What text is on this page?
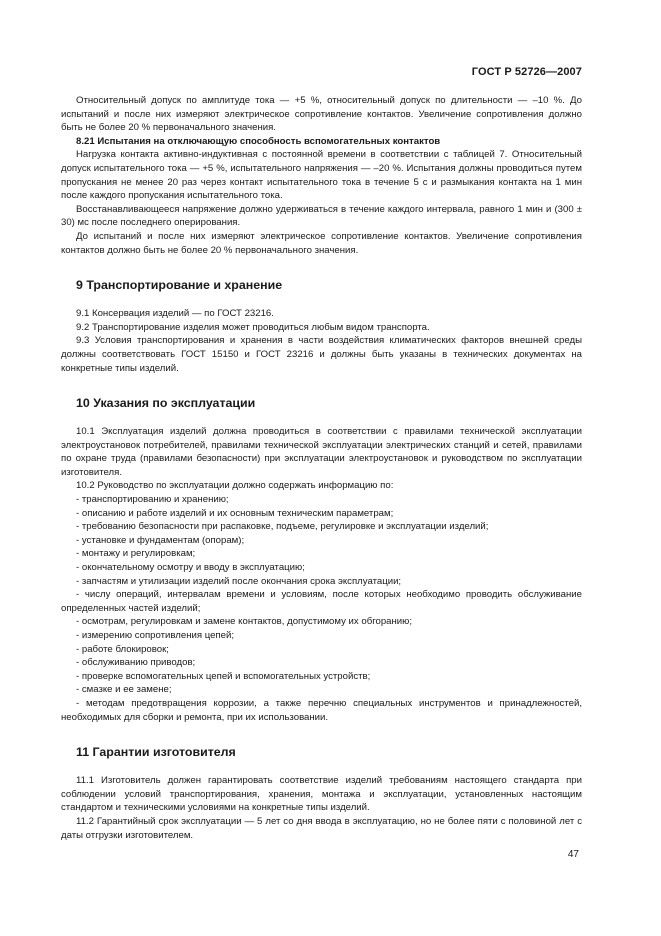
ГОСТ Р 52726—2007

Относительный допуск по амплитуде тока — +5 %, относительный допуск по длительности — –10 %. До испытаний и после них измеряют электрическое сопротивление контактов. Увеличение сопротивления должно быть не более 20 % первоначального значения.

8.21 Испытания на отключающую способность вспомогательных контактов

Нагрузка контакта активно-индуктивная с постоянной времени в соответствии с таблицей 7. Относительный допуск испытательного тока — +5 %, испытательного напряжения — –20 %. Испытания должны проводиться путем пропускания не менее 20 раз через контакт испытательного тока в течение 5 с и размыкания контакта на 1 мин после каждого пропускания испытательного тока.

Восстанавливающееся напряжение должно удерживаться в течение каждого интервала, равного 1 мин и (300 ± 30) мс после последнего оперирования.

До испытаний и после них измеряют электрическое сопротивление контактов. Увеличение сопротивления контактов должно быть не более 20 % первоначального значения.

9 Транспортирование и хранение

9.1 Консервация изделий — по ГОСТ 23216.

9.2 Транспортирование изделия может проводиться любым видом транспорта.

9.3 Условия транспортирования и хранения в части воздействия климатических факторов внешней среды должны соответствовать ГОСТ 15150 и ГОСТ 23216 и должны быть указаны в технических документах на конкретные типы изделий.

10 Указания по эксплуатации

10.1 Эксплуатация изделий должна проводиться в соответствии с правилами технической эксплуатации электроустановок потребителей, правилами технической эксплуатации электрических станций и сетей, правилами по охране труда (правилами безопасности) при эксплуатации электроустановок и руководством по эксплуатации изготовителя.

10.2 Руководство по эксплуатации должно содержать информацию по:

- транспортированию и хранению;

- описанию и работе изделий и их основным техническим параметрам;

- требованию безопасности при распаковке, подъеме, регулировке и эксплуатации изделий;

- установке и фундаментам (опорам);

- монтажу и регулировкам;

- окончательному осмотру и вводу в эксплуатацию;

- запчастям и утилизации изделий после окончания срока эксплуатации;

- числу операций, интервалам времени и условиям, после которых необходимо проводить обслуживание определенных частей изделий;

- осмотрам, регулировкам и замене контактов, допустимому их обгоранию;

- измерению сопротивления цепей;

- работе блокировок;

- обслуживанию приводов;

- проверке вспомогательных цепей и вспомогательных устройств;

- смазке и ее замене;

- методам предотвращения коррозии, а также перечню специальных инструментов и принадлежностей, необходимых для сборки и ремонта, при их использовании.

11 Гарантии изготовителя

11.1 Изготовитель должен гарантировать соответствие изделий требованиям настоящего стандарта при соблюдении условий транспортирования, хранения, монтажа и эксплуатации, установленных настоящим стандартом и техническими условиями на конкретные типы изделий.

11.2 Гарантийный срок эксплуатации — 5 лет со дня ввода в эксплуатацию, но не более пяти с половиной лет с даты отгрузки изготовителем.

47
